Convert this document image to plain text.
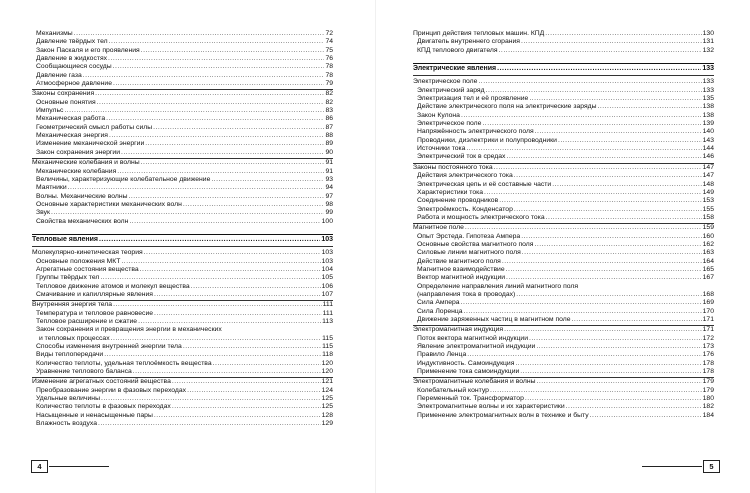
Механизмы .....	72
Давление твёрдых тел .....	74
Закон Паскаля и его проявления .....	75
Давление в жидкостях .....	76
Сообщающиеся сосуды .....	78
Давление газа .....	78
Атмосферное давление .....	79
Законы сохранения .....	82
Основные понятия .....	82
Импульс .....	83
Механическая работа .....	86
Геометрический смысл работы силы .....	87
Механическая энергия .....	88
Изменение механической энергии .....	89
Закон сохранения энергии .....	90
Механические колебания и волны .....	91
Механические колебания .....	91
Величины, характеризующие колебательное движение .....	93
Маятники .....	94
Волны. Механические волны .....	97
Основные характеристики механических волн .....	98
Звук .....	99
Свойства механических волн .....	100
Тепловые явления .....	103
Молекулярно-кинетическая теория .....	103
Основные положения МКТ .....	103
Агрегатные состояния вещества .....	104
Группы твёрдых тел .....	105
Тепловое движение атомов и молекул вещества .....	106
Смачивание и капиллярные явления .....	107
Внутренняя энергия тела .....	111
Температура и тепловое равновесие .....	111
Тепловое расширение и сжатие .....	113
Закон сохранения и превращения энергии в механических
и тепловых процессах .....	115
Способы изменения внутренней энергии тела .....	115
Виды теплопередачи .....	118
Количество теплоты, удельная теплоёмкость вещества .....	120
Уравнение теплового баланса .....	120
Изменение агрегатных состояний вещества .....	121
Преобразование энергии в фазовых переходах .....	124
Удельные величины .....	125
Количество теплоты в фазовых переходах .....	125
Насыщенные и ненасыщенные пары .....	128
Влажность воздуха .....	129
Принцип действия тепловых машин. КПД .....	130
Двигатель внутреннего сгорания .....	131
КПД теплового двигателя .....	132
Электрические явления .....	133
Электрическое поле .....	133
Электрический заряд .....	133
Электризация тел и её проявление .....	135
Действие электрического поля на электрические заряды .....	138
Закон Кулона .....	138
Электрическое поле .....	139
Напряжённость электрического поля .....	140
Проводники, диэлектрики и полупроводники .....	143
Источники тока .....	144
Электрический ток в средах .....	146
Законы постоянного тока .....	147
Действия электрического тока .....	147
Электрическая цепь и её составные части .....	148
Характеристики тока .....	149
Соединение проводников .....	153
Электроёмкость. Конденсатор .....	155
Работа и мощность электрического тока .....	158
Магнитное поле .....	159
Опыт Эрстеда. Гипотеза Ампера .....	160
Основные свойства магнитного поля .....	162
Силовые линии магнитного поля .....	163
Действие магнитного поля .....	164
Магнитное взаимодействие .....	165
Вектор магнитной индукции .....	167
Определение направления линий магнитного поля
(направления тока в проводах) .....	168
Сила Ампера .....	169
Сила Лоренца .....	170
Движение заряженных частиц в магнитном поле .....	171
Электромагнитная индукция .....	171
Поток вектора магнитной индукции .....	172
Явление электромагнитной индукции .....	173
Правило Ленца .....	176
Индуктивность. Самоиндукция .....	178
Применение тока самоиндукции .....	178
Электромагнитные колебания и волны .....	179
Колебательный контур .....	179
Переменный ток. Трансформатор .....	180
Электромагнитные волны и их характеристики .....	182
Применение электромагнитных волн в технике и быту .....	184
4	5
